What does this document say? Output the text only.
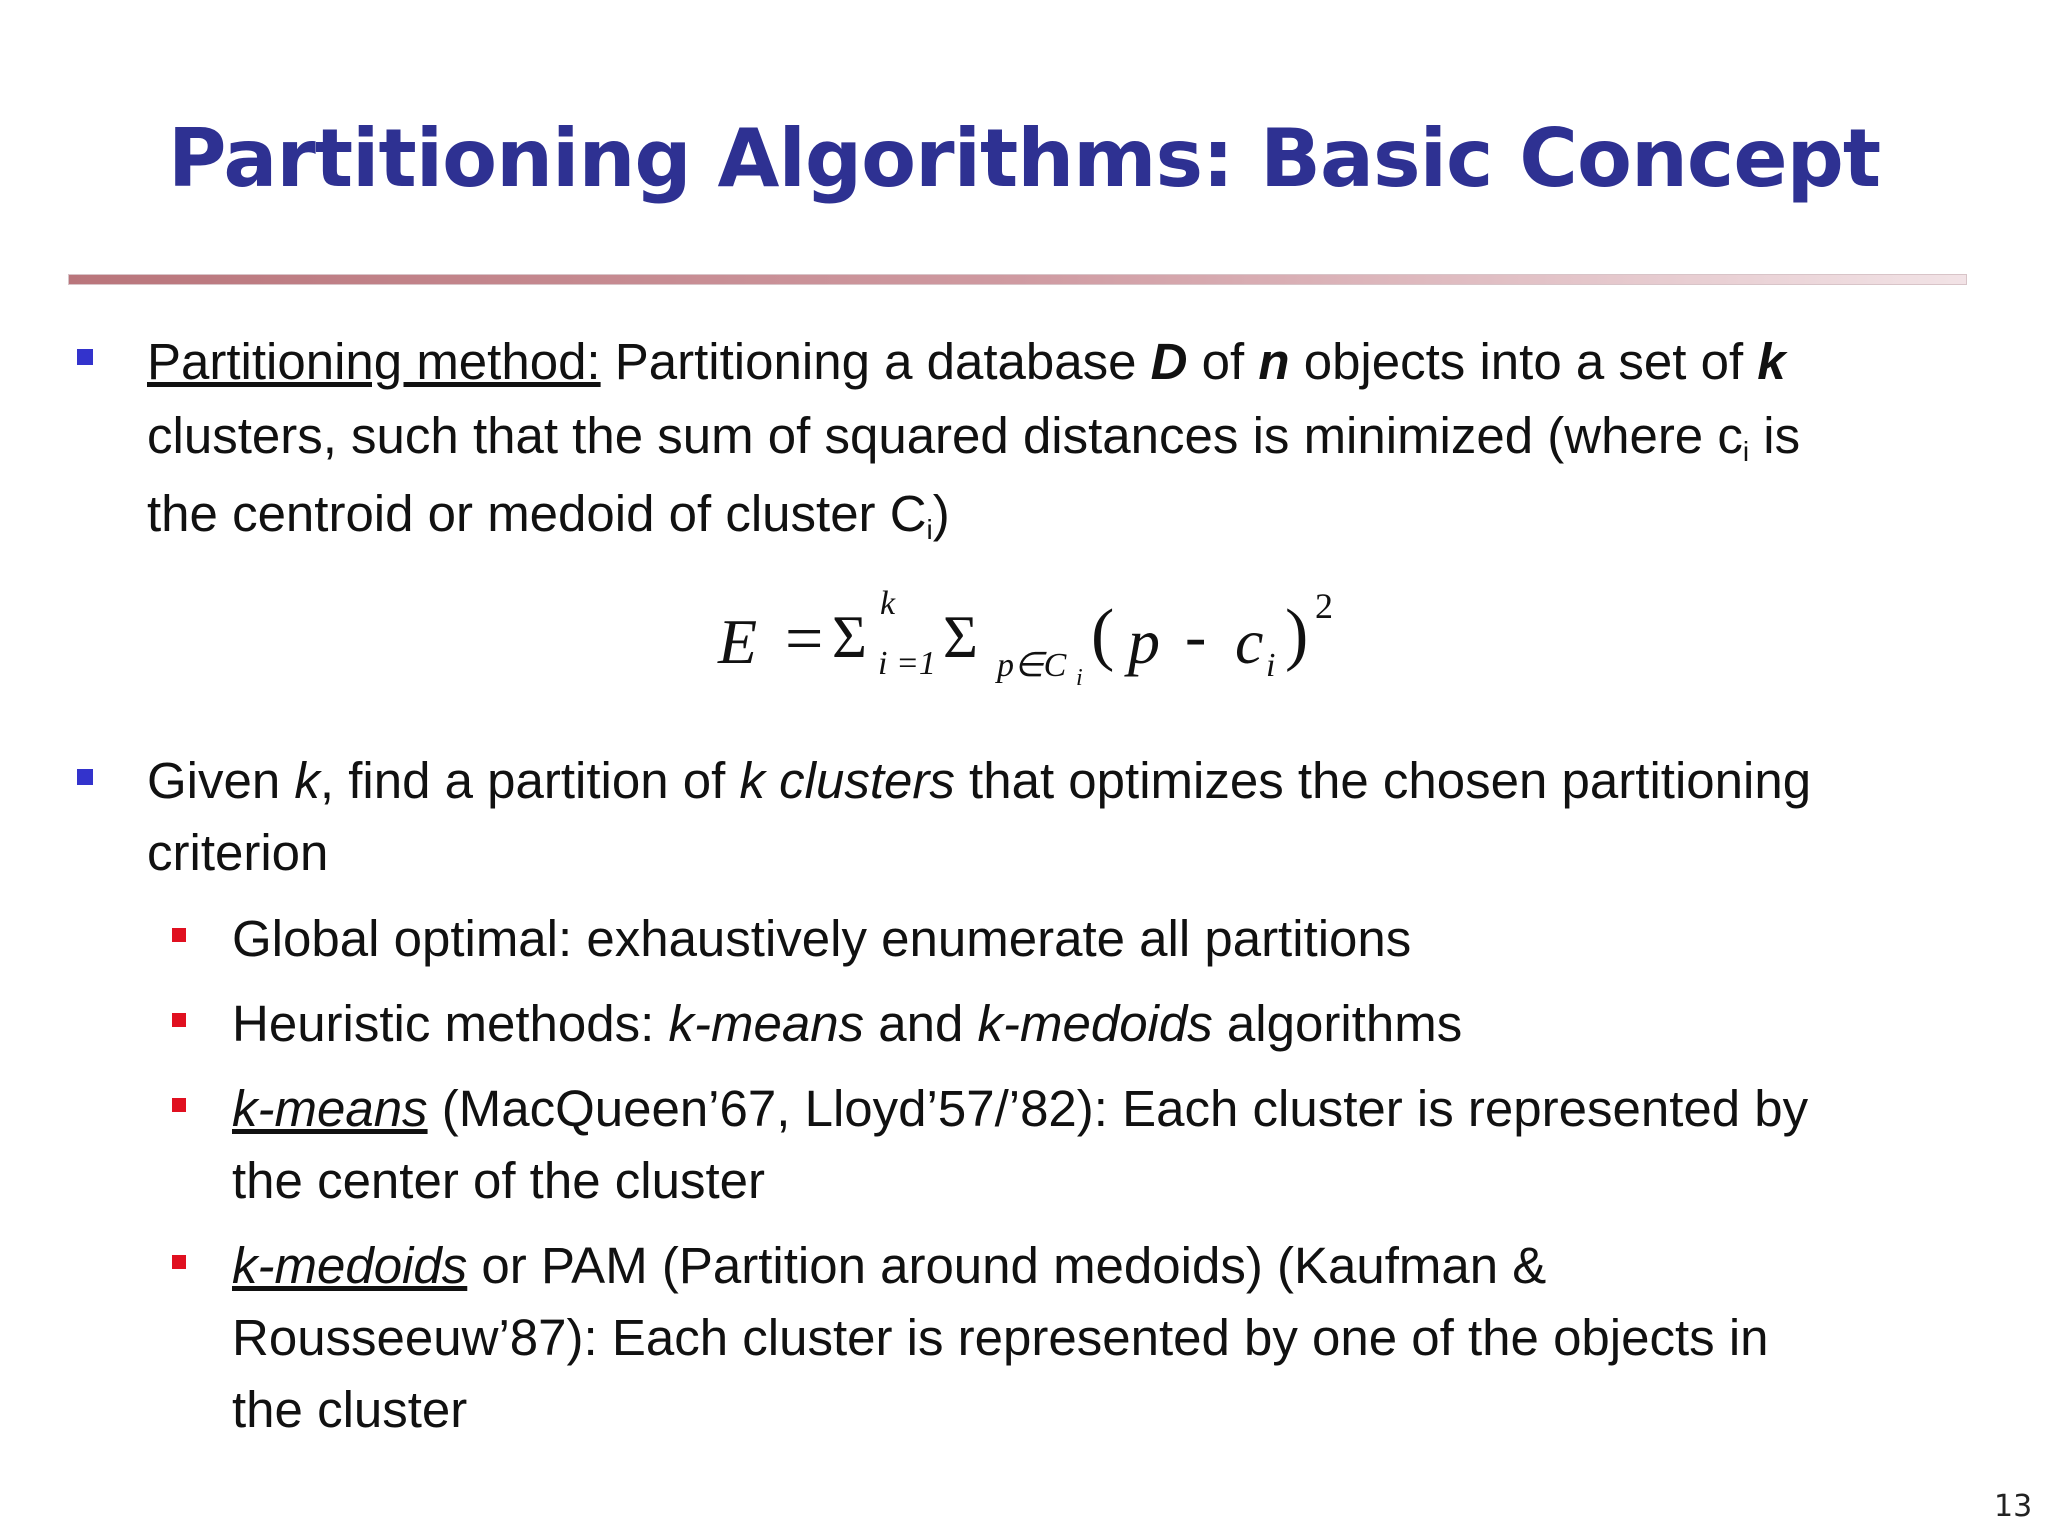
Partitioning Algorithms: Basic Concept
Partitioning method: Partitioning a database D of n objects into a set of k
clusters, such that the sum of squared distances is minimized (where $c_i$ is
the centroid or medoid of cluster $C_i$)
E = Σ
k
i =1 Σ p∈C i
( p - c i ) 2
Given k, find a partition of k clusters that optimizes the chosen partitioning
criterion
Global optimal: exhaustively enumerate all partitions
Heuristic methods: k-means and k-medoids algorithms
k-means (MacQueen’67, Lloyd’57/’82): Each cluster is represented by
the center of the cluster
k-medoids or PAM (Partition around medoids) (Kaufman &
Rousseeuw’87): Each cluster is represented by one of the objects in
the cluster
13
